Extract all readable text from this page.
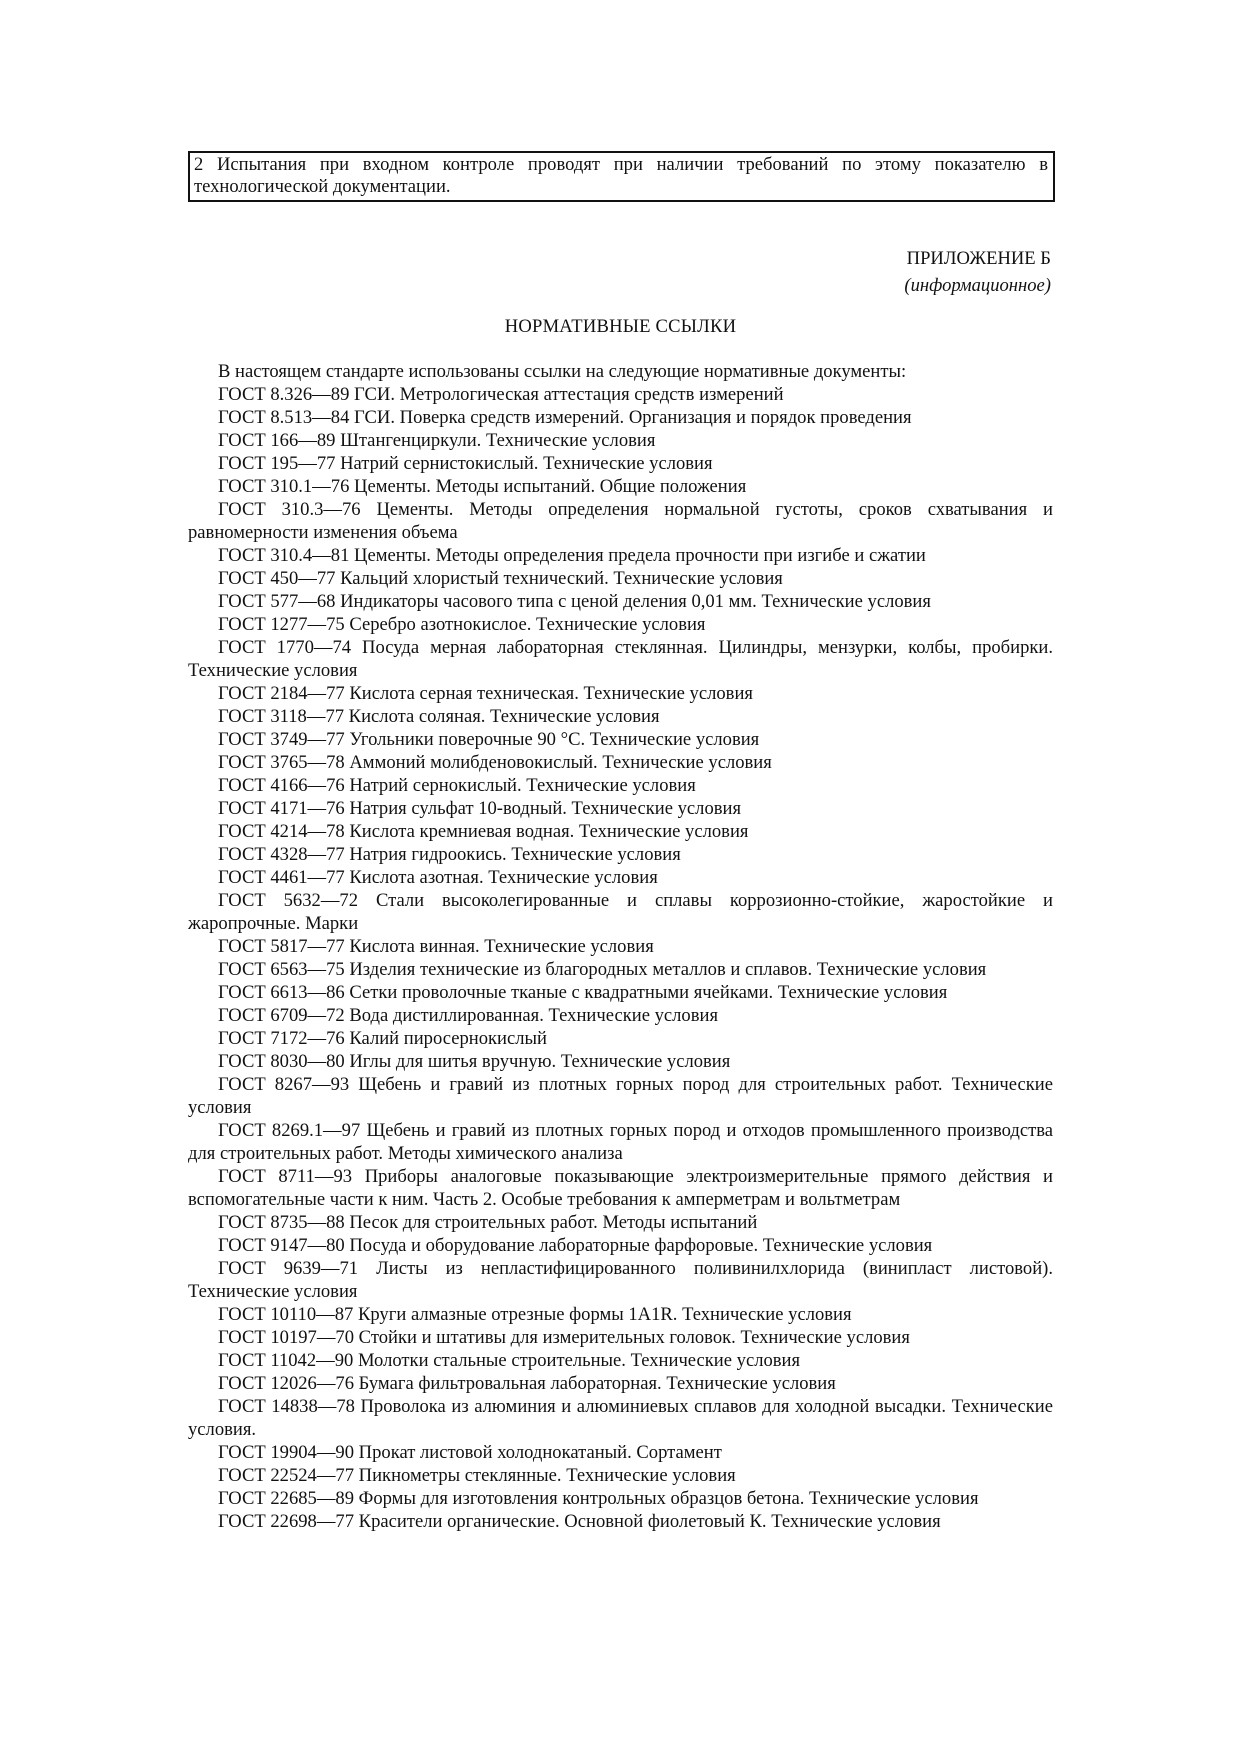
2 Испытания при входном контроле проводят при наличии требований по этому показателю в технологической документации.
ПРИЛОЖЕНИЕ Б
(информационное)
НОРМАТИВНЫЕ ССЫЛКИ

В настоящем стандарте использованы ссылки на следующие нормативные документы:

ГОСТ 8.326—89 ГСИ. Метрологическая аттестация средств измерений

ГОСТ 8.513—84 ГСИ. Поверка средств измерений. Организация и порядок проведения

ГОСТ 166—89 Штангенциркули. Технические условия

ГОСТ 195—77 Натрий сернистокислый. Технические условия

ГОСТ 310.1—76 Цементы. Методы испытаний. Общие положения

ГОСТ 310.3—76 Цементы. Методы определения нормальной густоты, сроков схватывания и равномерности изменения объема

ГОСТ 310.4—81 Цементы. Методы определения предела прочности при изгибе и сжатии

ГОСТ 450—77 Кальций хлористый технический. Технические условия

ГОСТ 577—68 Индикаторы часового типа с ценой деления 0,01 мм. Технические условия

ГОСТ 1277—75 Серебро азотнокислое. Технические условия

ГОСТ 1770—74 Посуда мерная лабораторная стеклянная. Цилиндры, мензурки, колбы, пробирки. Технические условия

ГОСТ 2184—77 Кислота серная техническая. Технические условия

ГОСТ 3118—77 Кислота соляная. Технические условия

ГОСТ 3749—77 Угольники поверочные 90 °С. Технические условия

ГОСТ 3765—78 Аммоний молибденовокислый. Технические условия

ГОСТ 4166—76 Натрий сернокислый. Технические условия

ГОСТ 4171—76 Натрия сульфат 10-водный. Технические условия

ГОСТ 4214—78 Кислота кремниевая водная. Технические условия

ГОСТ 4328—77 Натрия гидроокись. Технические условия

ГОСТ 4461—77 Кислота азотная. Технические условия

ГОСТ 5632—72 Стали высоколегированные и сплавы коррозионно-стойкие, жаростойкие и жаропрочные. Марки

ГОСТ 5817—77 Кислота винная. Технические условия

ГОСТ 6563—75 Изделия технические из благородных металлов и сплавов. Технические условия

ГОСТ 6613—86 Сетки проволочные тканые с квадратными ячейками. Технические условия

ГОСТ 6709—72 Вода дистиллированная. Технические условия

ГОСТ 7172—76 Калий пиросернокислый

ГОСТ 8030—80 Иглы для шитья вручную. Технические условия

ГОСТ 8267—93 Щебень и гравий из плотных горных пород для строительных работ. Технические условия

ГОСТ 8269.1—97 Щебень и гравий из плотных горных пород и отходов промышленного производства для строительных работ. Методы химического анализа

ГОСТ 8711—93 Приборы аналоговые показывающие электроизмерительные прямого действия и вспомогательные части к ним. Часть 2. Особые требования к амперметрам и вольтметрам

ГОСТ 8735—88 Песок для строительных работ. Методы испытаний

ГОСТ 9147—80 Посуда и оборудование лабораторные фарфоровые. Технические условия

ГОСТ 9639—71 Листы из непластифицированного поливинилхлорида (винипласт листовой). Технические условия

ГОСТ 10110—87 Круги алмазные отрезные формы 1A1R. Технические условия

ГОСТ 10197—70 Стойки и штативы для измерительных головок. Технические условия

ГОСТ 11042—90 Молотки стальные строительные. Технические условия

ГОСТ 12026—76 Бумага фильтровальная лабораторная. Технические условия

ГОСТ 14838—78 Проволока из алюминия и алюминиевых сплавов для холодной высадки. Технические условия.

ГОСТ 19904—90 Прокат листовой холоднокатаный. Сортамент

ГОСТ 22524—77 Пикнометры стеклянные. Технические условия

ГОСТ 22685—89 Формы для изготовления контрольных образцов бетона. Технические условия

ГОСТ 22698—77 Красители органические. Основной фиолетовый К. Технические условия
